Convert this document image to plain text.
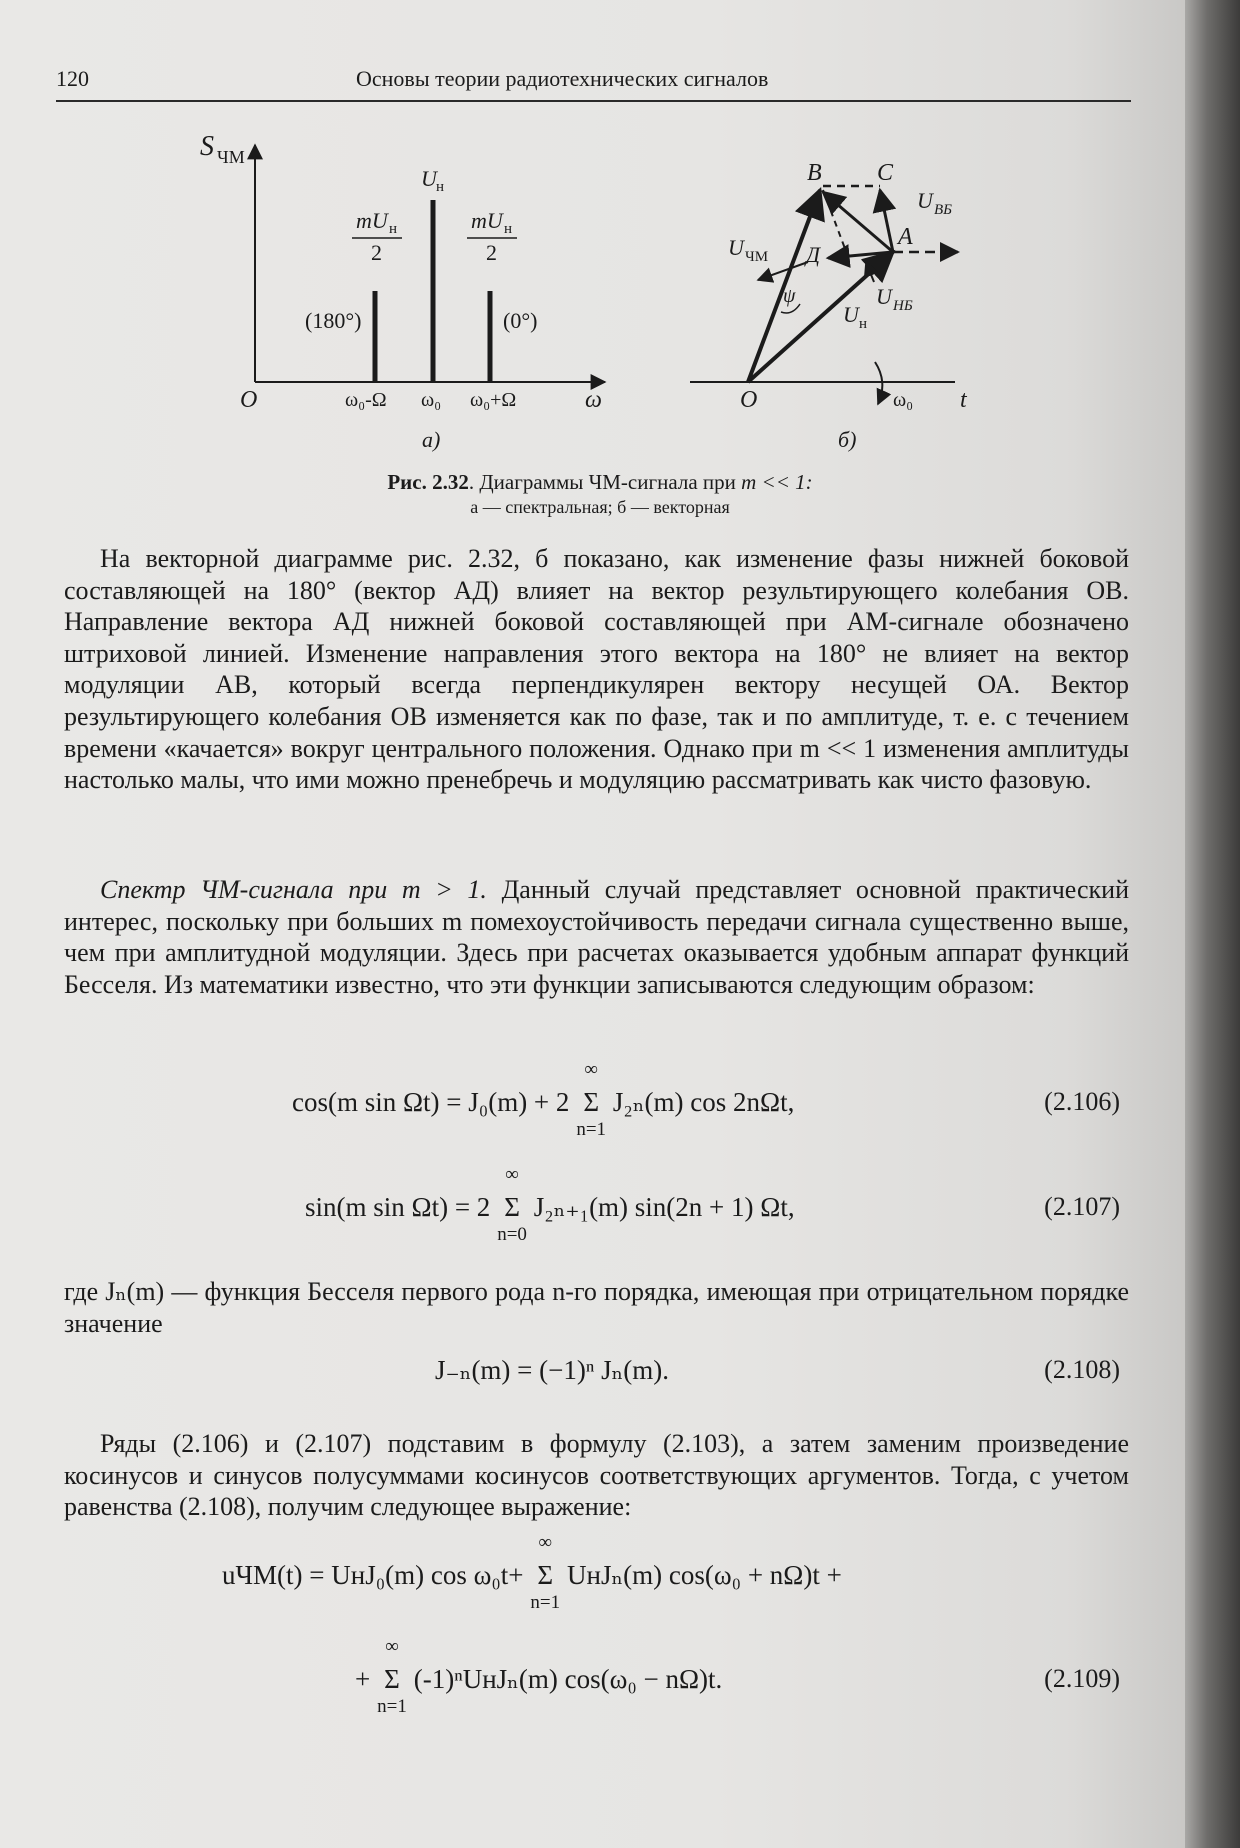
120	Основы теории радиотехнических сигналов
S ЧМ
O	ω
U н
mU н
2
mU н
2
(180°)	(0°)
ω₀-Ω ω₀ ω₀+Ω
а)
B C
A
Д
O	t
ψ
ω₀
U ЧМ
U ВБ
U НБ
U н
б)
Рис. 2.32. Диаграммы ЧМ-сигнала при m << 1:
а — спектральная; б — векторная
На векторной диаграмме рис. 2.32, б показано, как изменение фазы нижней боковой составляющей на 180° (вектор АД) влияет на вектор результирующего колебания ОВ. Направление вектора АД нижней боковой составляющей при АМ-сигнале обозначено штриховой линией. Изменение направления этого вектора на 180° не влияет на вектор модуляции АВ, который всегда перпендикулярен вектору несущей ОА. Вектор результирующего колебания ОВ изменяется как по фазе, так и по амплитуде, т. е. с течением времени «качается» вокруг центрального положения. Однако при m << 1 изменения амплитуды настолько малы, что ими можно пренебречь и модуляцию рассматривать как чисто фазовую.
Спектр ЧМ-сигнала при m > 1. Данный случай представляет основной практический интерес, поскольку при больших m помехоустойчивость передачи сигнала существенно выше, чем при амплитудной модуляции. Здесь при расчетах оказывается удобным аппарат функций Бесселя. Из математики известно, что эти функции записываются следующим образом:
cos(m sin Ωt) = J₀(m) + 2 Σ
∞
n=1
J₂ₙ(m) cos 2nΩt,	(2.106)
sin(m sin Ωt) = 2 Σ
∞
n=0
J₂ₙ₊₁(m) sin(2n + 1) Ωt,	(2.107)
где Jₙ(m) — функция Бесселя первого рода n-го порядка, имеющая при отрицательном порядке значение
J₋ₙ(m) = (−1)ⁿ Jₙ(m).	(2.108)
Ряды (2.106) и (2.107) подставим в формулу (2.103), а затем заменим произведение косинусов и синусов полусуммами косинусов соответствующих аргументов. Тогда, с учетом равенства (2.108), получим следующее выражение:
uЧМ(t) = UнJ₀(m) cos ω₀t+ Σ
∞
n=1
UнJₙ(m) cos(ω₀ + nΩ)t +
+ Σ
∞
n=1
(-1)ⁿUнJₙ(m) cos(ω₀ − nΩ)t.	(2.109)
